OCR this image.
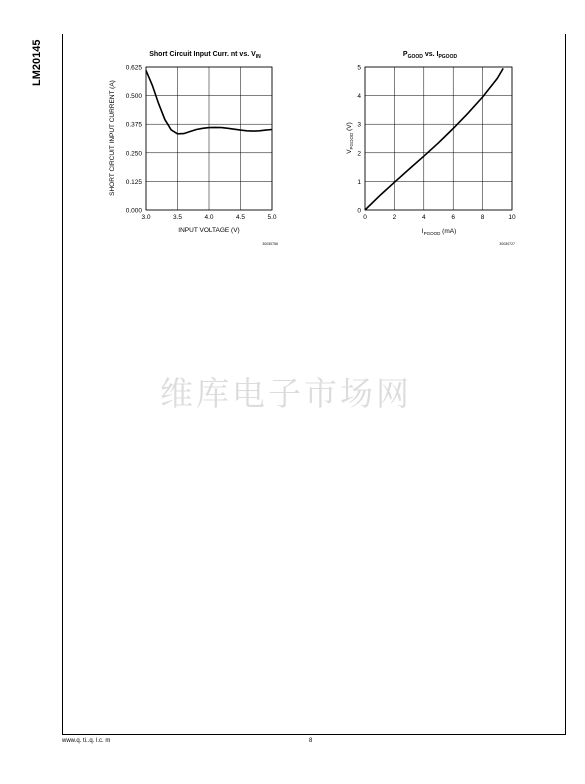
LM20145
维库电子市场网
www.q. ti..q. l.c. m	8
Short Circuit Input Curr. nt vs. $V_{IN}$
0.000
0.125
0.250
0.375
0.500
0.625
3.0	3.5	4.0	4.5	5.0
INPUT VOLTAGE (V)
SHORT CIRCUIT INPUT CURRENT (A)
30030756
$P_{GOOD}$ vs. $I_{PGOOD}$
0
1
2
3
4
5
0	2	4	6	8	10
$I_{PGOOD}$ (mA)
$V_{PGOOD}$ (V)
30030727
